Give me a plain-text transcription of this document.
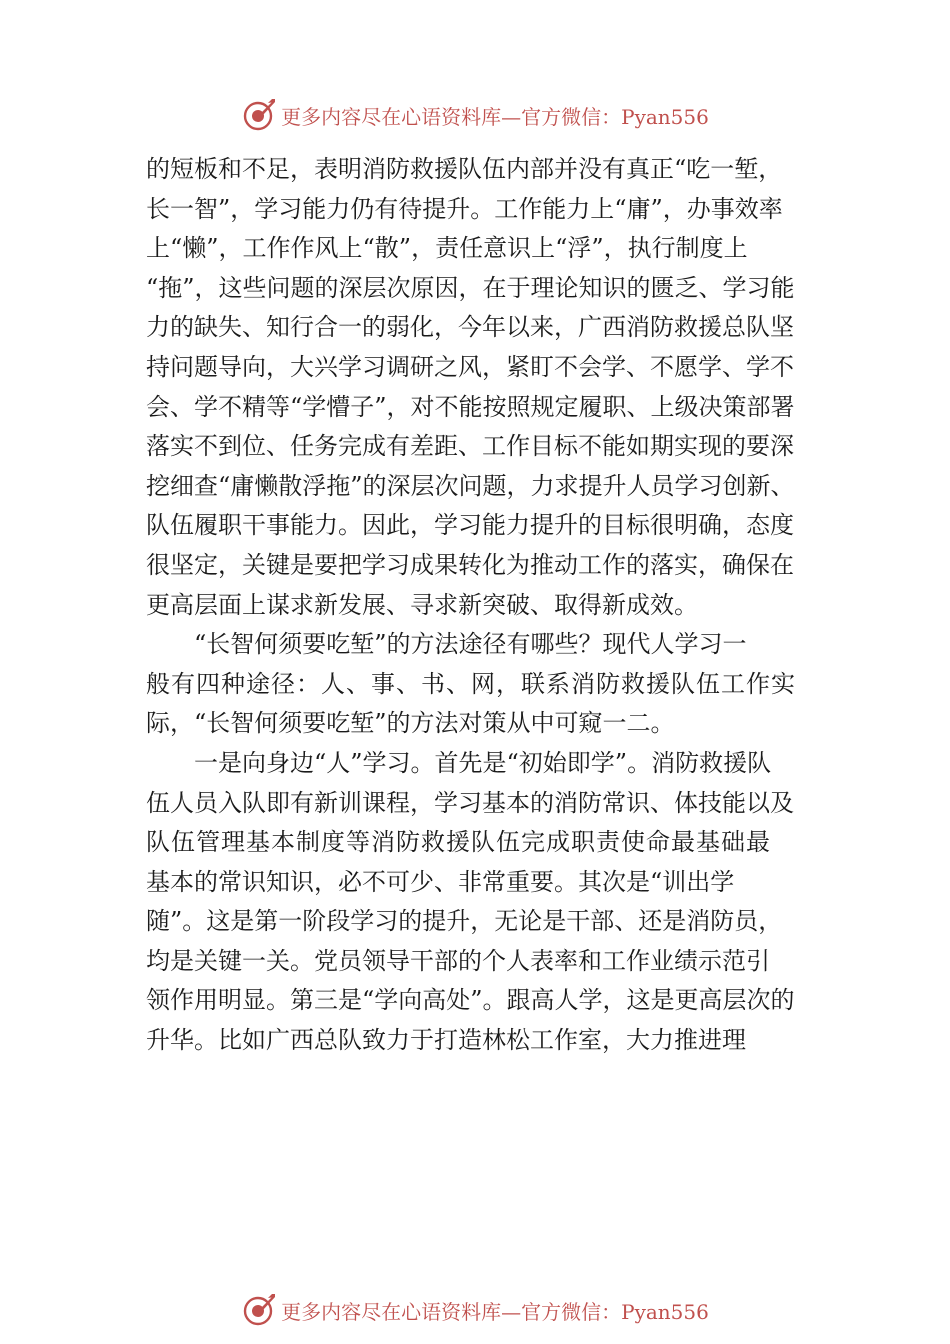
更多内容尽在心语资料库—官方微信：Pyan556
的短板和不足，表明消防救援队伍内部并没有真正“吃一堑，
长一智”，学习能力仍有待提升。工作能力上“庸”，办事效率
上“懒”，工作作风上“散”，责任意识上“浮”，执行制度上
“拖”，这些问题的深层次原因，在于理论知识的匮乏、学习能
力的缺失、知行合一的弱化，今年以来，广西消防救援总队坚
持问题导向，大兴学习调研之风，紧盯不会学、不愿学、学不
会、学不精等“学懵子”，对不能按照规定履职、上级决策部署
落实不到位、任务完成有差距、工作目标不能如期实现的要深
挖细查“庸懒散浮拖”的深层次问题，力求提升人员学习创新、
队伍履职干事能力。因此，学习能力提升的目标很明确，态度
很坚定，关键是要把学习成果转化为推动工作的落实，确保在
更高层面上谋求新发展、寻求新突破、取得新成效。
“长智何须要吃堑”的方法途径有哪些？现代人学习一
般有四种途径：人、事、书、网，联系消防救援队伍工作实
际，“长智何须要吃堑”的方法对策从中可窥一二。
一是向身边“人”学习。首先是“初始即学”。消防救援队
伍人员入队即有新训课程，学习基本的消防常识、体技能以及
队伍管理基本制度等消防救援队伍完成职责使命最基础最
基本的常识知识，必不可少、非常重要。其次是“训出学
随”。这是第一阶段学习的提升，无论是干部、还是消防员，
均是关键一关。党员领导干部的个人表率和工作业绩示范引
领作用明显。第三是“学向高处”。跟高人学，这是更高层次的
升华。比如广西总队致力于打造林松工作室，大力推进理
更多内容尽在心语资料库—官方微信：Pyan556
